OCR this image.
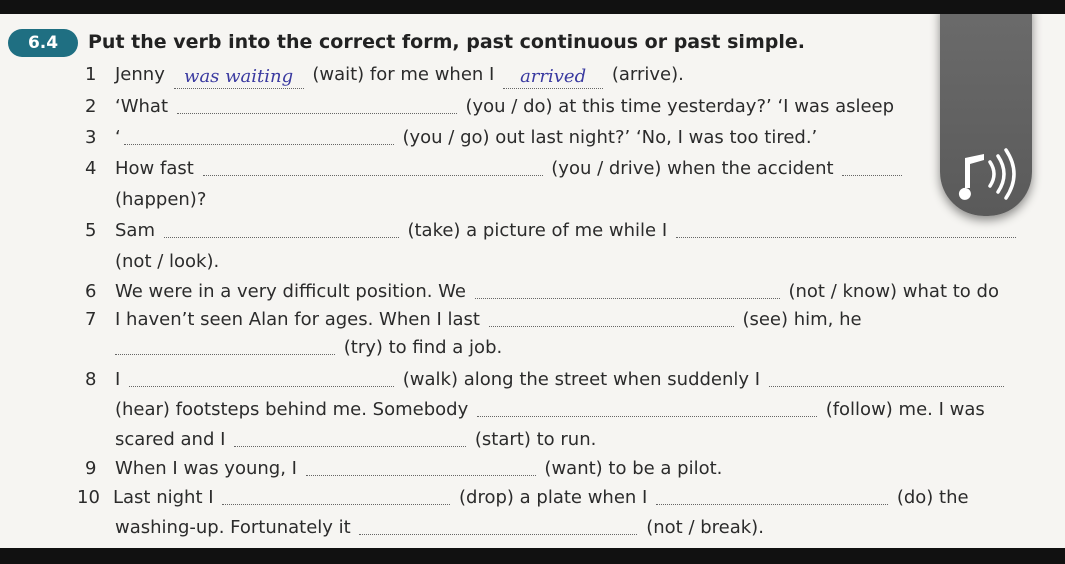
6.4	Put the verb into the correct form, past continuous or past simple.
1 Jenny was waiting (wait) for me when I arrived (arrive).
2 ‘What	(you / do) at this time yesterday?’ ‘I was asleep
3 ‘	(you / go) out last night?’ ‘No, I was too tired.’
4 How fast	(you / drive) when the accident
(happen)?
5 Sam	(take) a picture of me while I
(not / look).
6 We were in a very difficult position. We	(not / know) what to do
7 I haven’t seen Alan for ages. When I last	(see) him, he
(try) to find a job.
8 I	(walk) along the street when suddenly I
(hear) footsteps behind me. Somebody	(follow) me. I was
scared and I	(start) to run.
9 When I was young, I	(want) to be a pilot.
10 Last night I	(drop) a plate when I	(do) the
washing-up. Fortunately it	(not / break).
